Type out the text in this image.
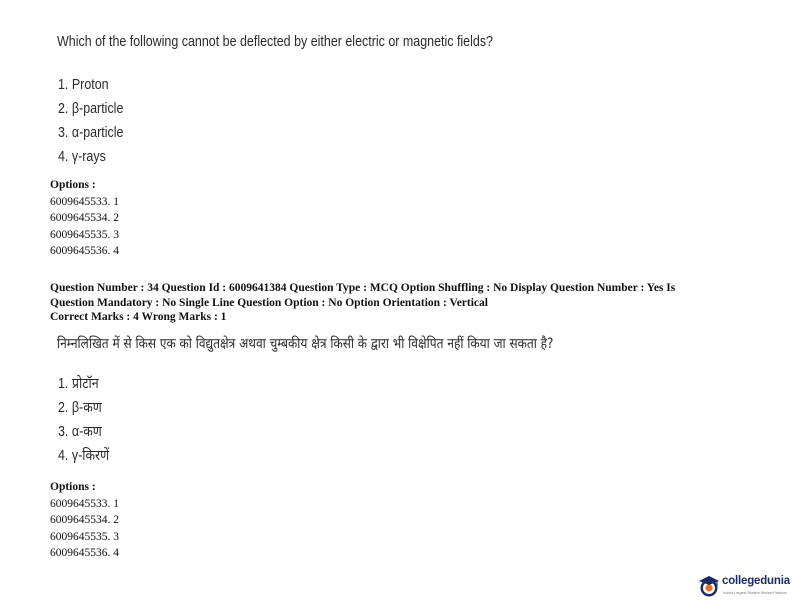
Which of the following cannot be deflected by either electric or magnetic fields?
1. Proton
2. β-particle
3. α-particle
4. γ-rays
Options :
6009645533. 1
6009645534. 2
6009645535. 3
6009645536. 4
Question Number : 34 Question Id : 6009641384 Question Type : MCQ Option Shuffling : No Display Question Number : Yes Is
Question Mandatory : No Single Line Question Option : No Option Orientation : Vertical
Correct Marks : 4 Wrong Marks : 1
निम्नलिखित में से किस एक को विद्युतक्षेत्र अथवा चुम्बकीय क्षेत्र किसी के द्वारा भी विक्षेपित नहीं किया जा सकता है?
1. प्रोटॉन
2. β-कण
3. α-कण
4. γ-किरणें
Options :
6009645533. 1
6009645534. 2
6009645535. 3
6009645536. 4
collegedunia
India's Largest Student Review Platform
